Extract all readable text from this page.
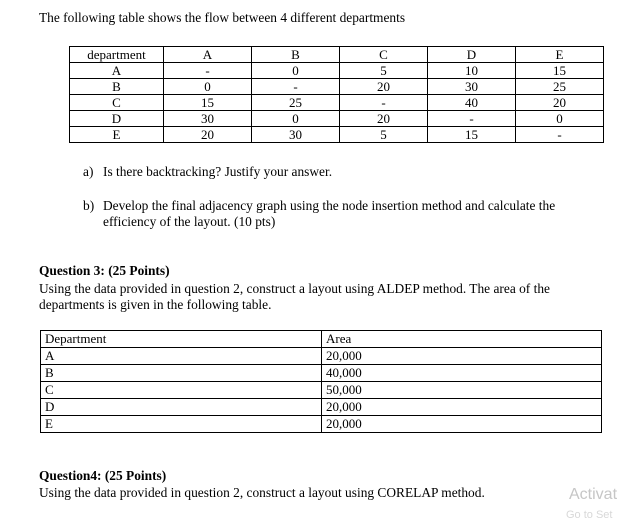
The following table shows the flow between 4 different departments

department	A	B	C	D	E
A	-	0	5	10	15
B	0	-	20	30	25
C	15	25	-	40	20
D	30	0	20	-	0
E	20	30	5	15	-
a) Is there backtracking? Justify your answer.
b) Develop the final adjacency graph using the node insertion method and calculate the
efficiency of the layout. (10 pts)

Question 3: (25 Points)

Using the data provided in question 2, construct a layout using ALDEP method. The area of the departments is given in the following table.

Department	Area
A	20,000
B	40,000
C	50,000
D	20,000
E	20,000

Question4: (25 Points)

Using the data provided in question 2, construct a layout using CORELAP method.	Activat
Go to Set
